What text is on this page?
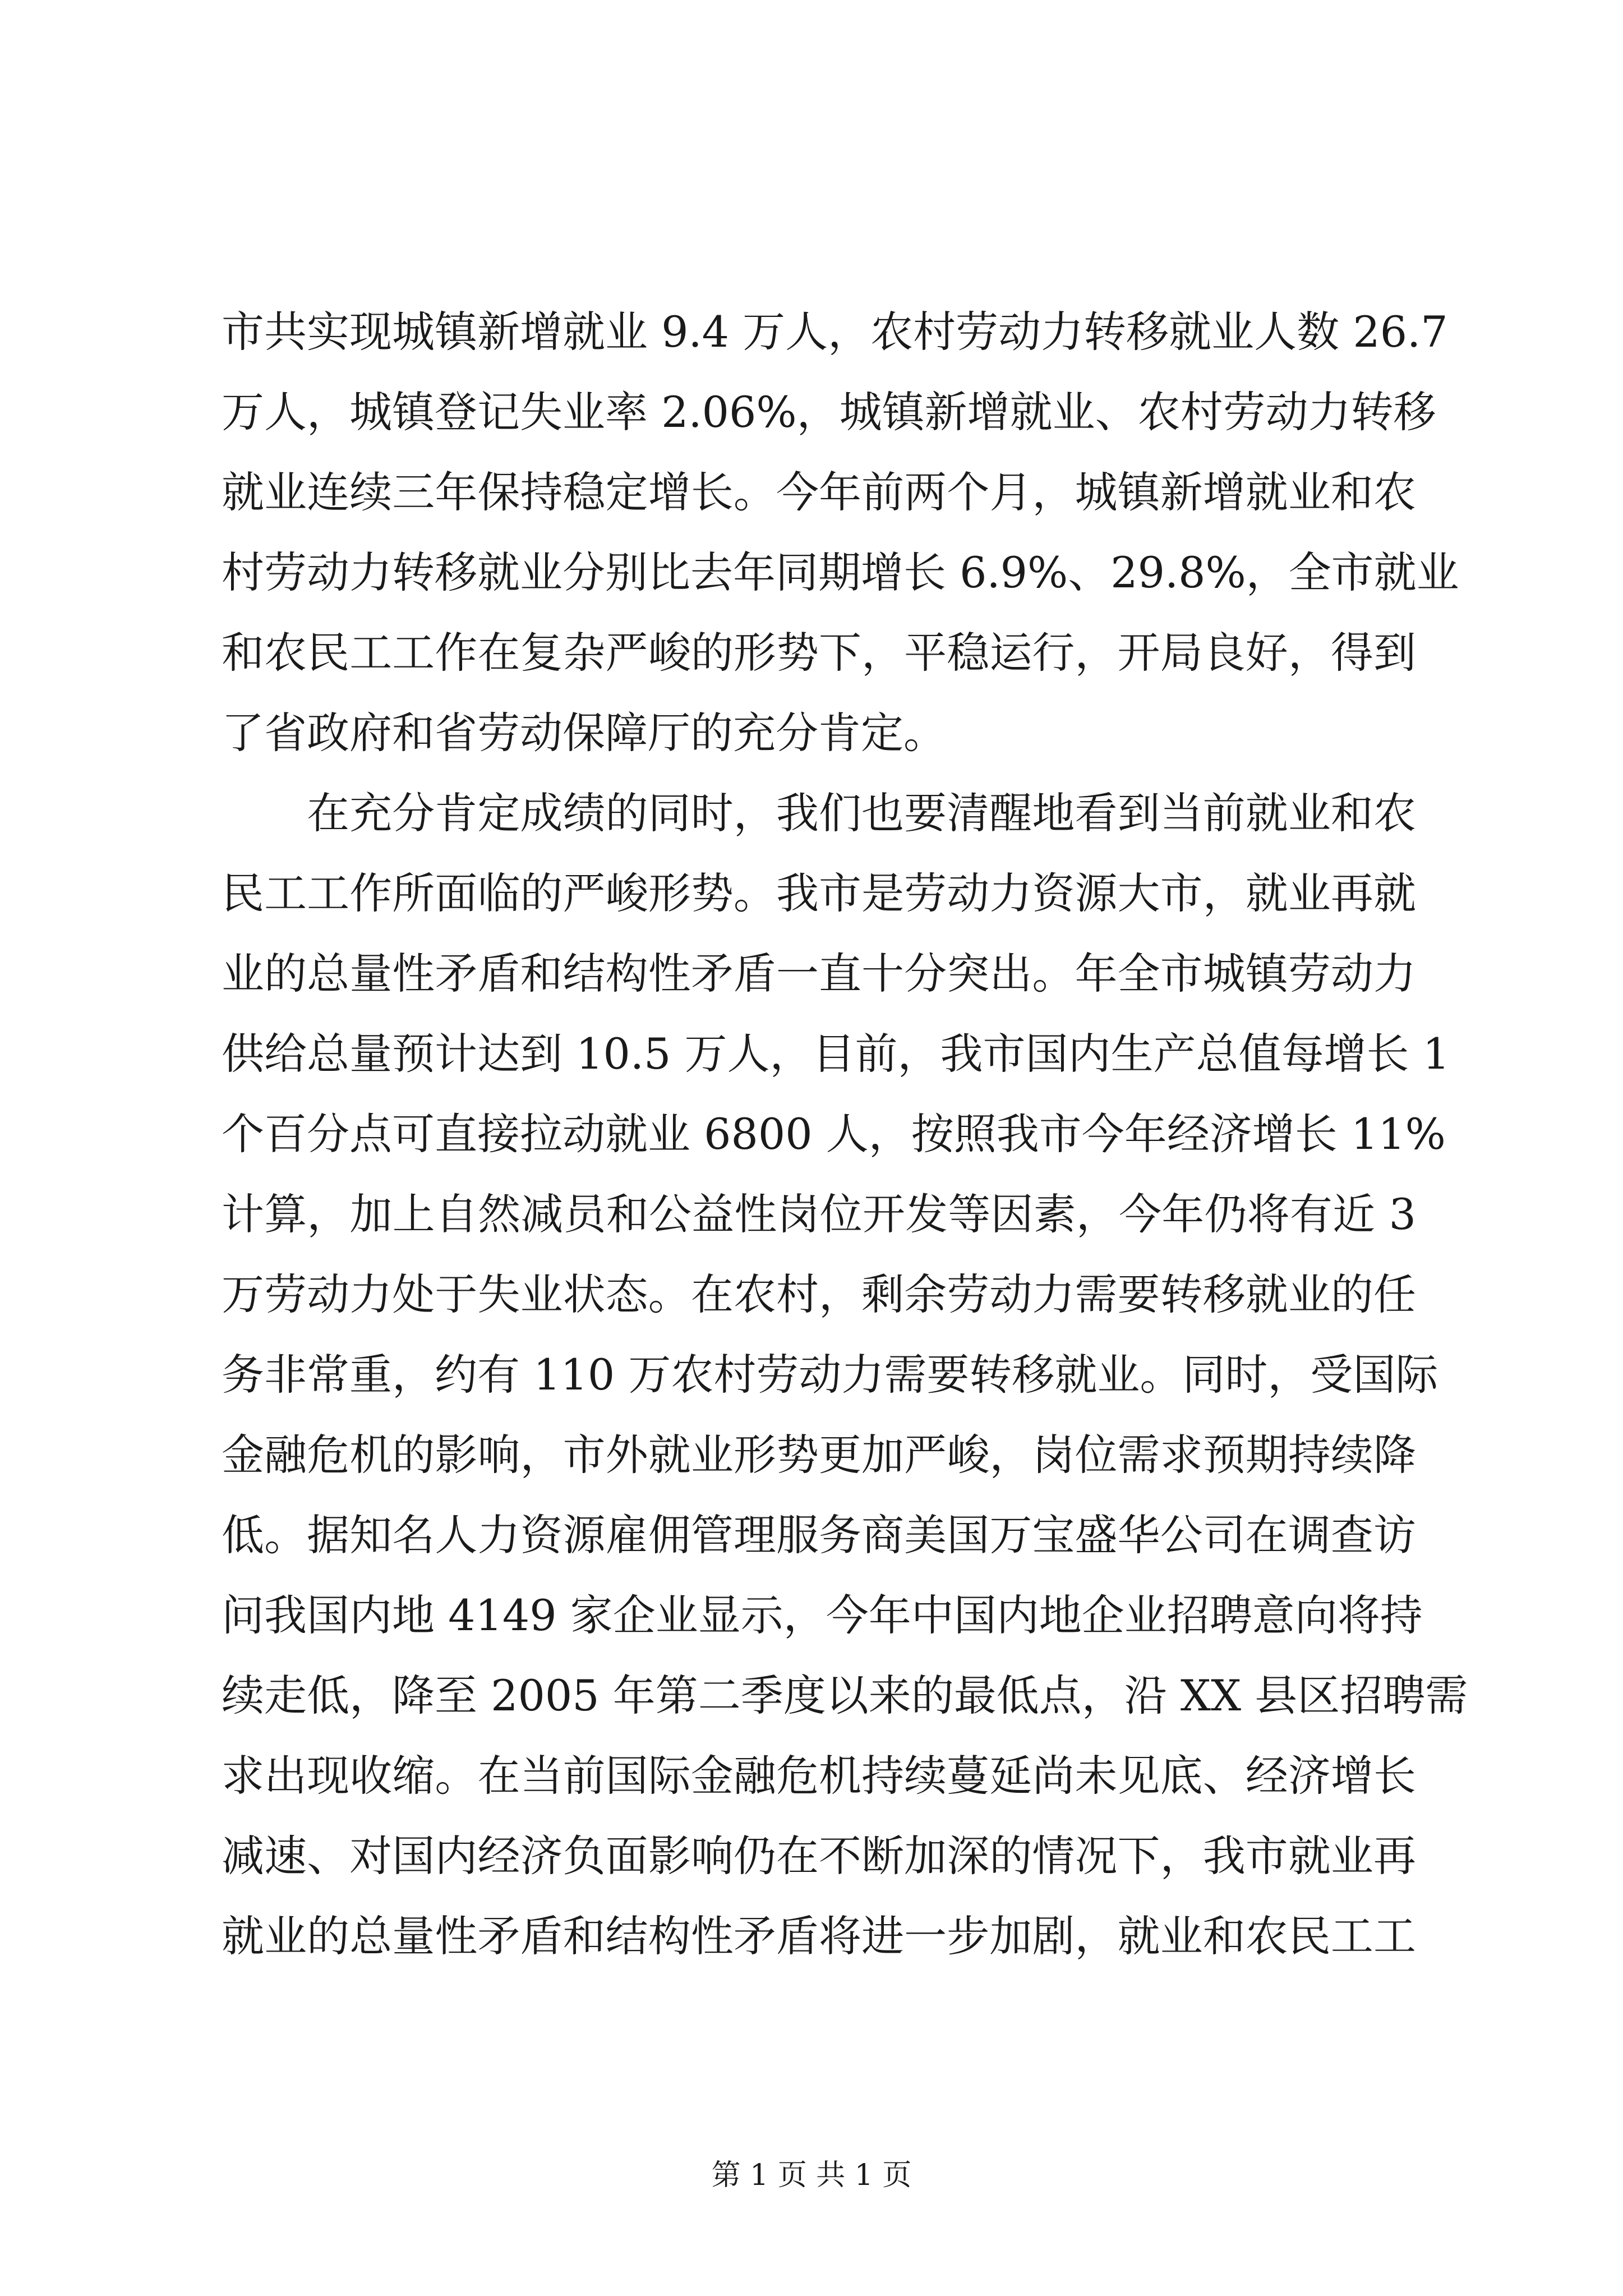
市共实现城镇新增就业 9.4 万人，农村劳动力转移就业人数 26.7
万人，城镇登记失业率 2.06%，城镇新增就业、农村劳动力转移
就业连续三年保持稳定增长。今年前两个月，城镇新增就业和农
村劳动力转移就业分别比去年同期增长 6.9%、29.8%，全市就业
和农民工工作在复杂严峻的形势下，平稳运行，开局良好，得到
了省政府和省劳动保障厅的充分肯定。
在充分肯定成绩的同时，我们也要清醒地看到当前就业和农
民工工作所面临的严峻形势。我市是劳动力资源大市，就业再就
业的总量性矛盾和结构性矛盾一直十分突出。年全市城镇劳动力
供给总量预计达到 10.5 万人，目前，我市国内生产总值每增长 1
个百分点可直接拉动就业 6800 人，按照我市今年经济增长 11%
计算，加上自然减员和公益性岗位开发等因素，今年仍将有近 3
万劳动力处于失业状态。在农村，剩余劳动力需要转移就业的任
务非常重，约有 110 万农村劳动力需要转移就业。同时，受国际
金融危机的影响，市外就业形势更加严峻，岗位需求预期持续降
低。据知名人力资源雇佣管理服务商美国万宝盛华公司在调查访
问我国内地 4149 家企业显示，今年中国内地企业招聘意向将持
续走低，降至 2005 年第二季度以来的最低点，沿 XX 县区招聘需
求出现收缩。在当前国际金融危机持续蔓延尚未见底、经济增长
减速、对国内经济负面影响仍在不断加深的情况下，我市就业再
就业的总量性矛盾和结构性矛盾将进一步加剧，就业和农民工工
第 1 页 共 1 页
